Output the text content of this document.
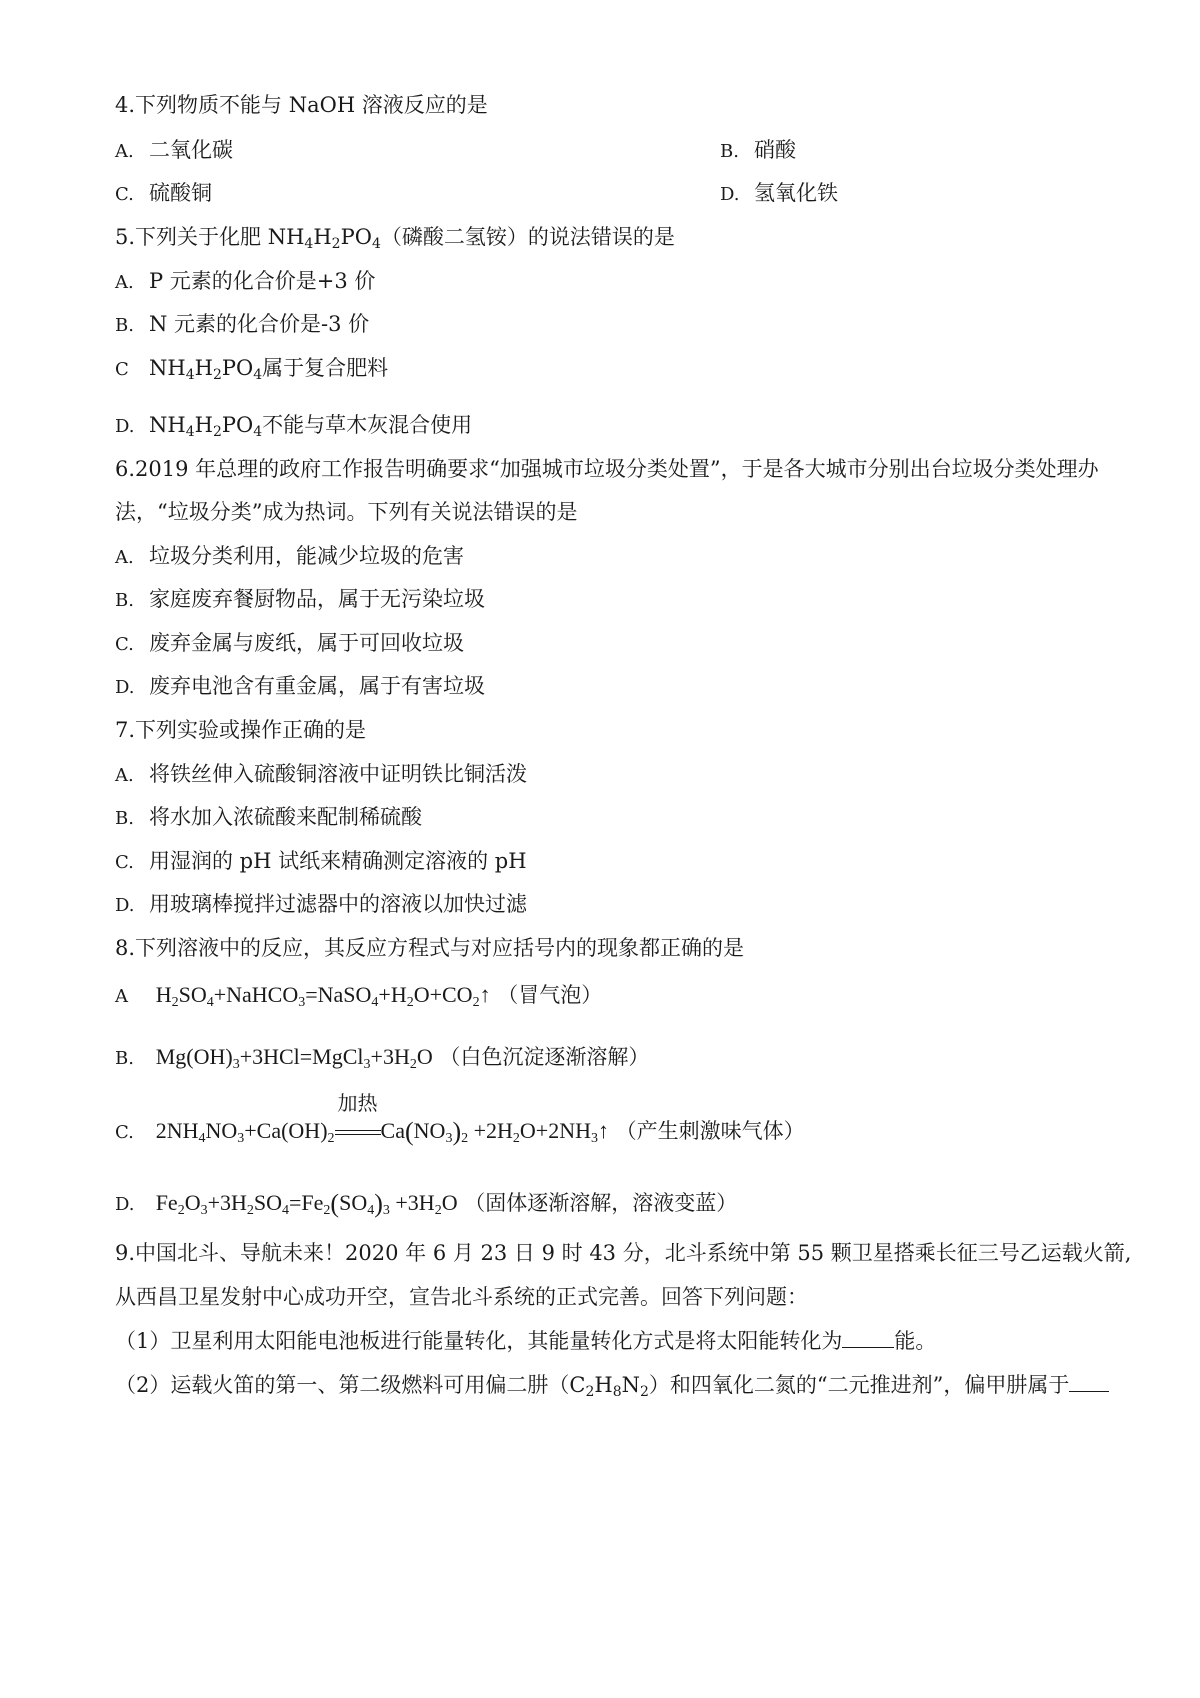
4.下列物质不能与 NaOH 溶液反应的是
A. 二氧化碳	B. 硝酸
C. 硫酸铜	D. 氢氧化铁
5.下列关于化肥 $NH_4H_2PO_4$（磷酸二氢铵）的说法错误的是
A. P 元素的化合价是+3 价
B. N 元素的化合价是-3 价
C $NH_4H_2PO_4$属于复合肥料
D. $NH_4H_2PO_4$不能与草木灰混合使用
6.2019 年总理的政府工作报告明确要求“加强城市垃圾分类处置”，于是各大城市分别出台垃圾分类处理办
法，“垃圾分类”成为热词。下列有关说法错误的是
A. 垃圾分类利用，能减少垃圾的危害
B. 家庭废弃餐厨物品，属于无污染垃圾
C. 废弃金属与废纸，属于可回收垃圾
D. 废弃电池含有重金属，属于有害垃圾
7.下列实验或操作正确的是
A. 将铁丝伸入硫酸铜溶液中证明铁比铜活泼
B. 将水加入浓硫酸来配制稀硫酸
C. 用湿润的 pH 试纸来精确测定溶液的 pH
D. 用玻璃棒搅拌过滤器中的溶液以加快过滤
8.下列溶液中的反应，其反应方程式与对应括号内的现象都正确的是
A $H_2SO_4+NaHCO_3=NaSO_4+H_2O+CO_2↑$ （冒气泡）
B. $Mg(OH)_3+3HCl=MgCl_3+3H_2O$ （白色沉淀逐渐溶解）
C. $2NH_4NO_3+Ca(OH)_2$
加热
$Ca(NO_3)_2$ $+2H_2O+2NH_3↑$ （产生刺激味气体）
D. $Fe_2O_3+3H_2SO_4=Fe_2(SO_4)_3 +3H_2O$ （固体逐渐溶解，溶液变蓝）
9.中国北斗、导航未来！2020 年 6 月 23 日 9 时 43 分，北斗系统中第 55 颗卫星搭乘长征三号乙运载火箭,
从西昌卫星发射中心成功开空，宣告北斗系统的正式完善。回答下列问题：
（1）卫星利用太阳能电池板进行能量转化，其能量转化方式是将太阳能转化为 能。
（2）运载火笛的第一、第二级燃料可用偏二肼$(C_2H_8N_2)$和四氧化二氮的“二元推进剂”，偏甲肼属于
